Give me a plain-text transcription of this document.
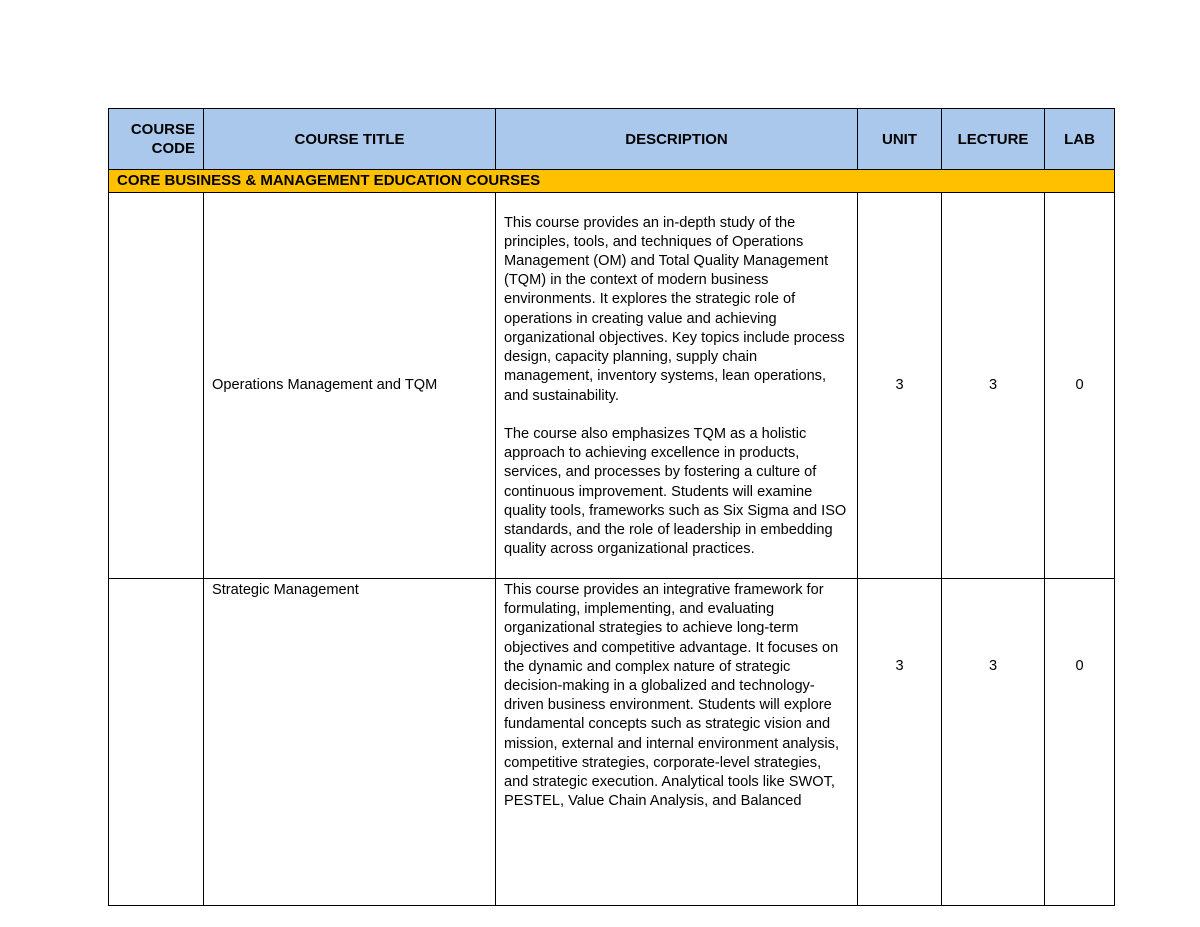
COURSE CODE	COURSE TITLE	DESCRIPTION	UNIT	LECTURE	LAB
CORE BUSINESS & MANAGEMENT EDUCATION COURSES					
	Operations Management and TQM	This course provides an in-depth study of the principles, tools, and techniques of Operations Management (OM) and Total Quality Management (TQM) in the context of modern business environments. It explores the strategic role of operations in creating value and achieving organizational objectives. Key topics include process design, capacity planning, supply chain management, inventory systems, lean operations, and sustainability.

The course also emphasizes TQM as a holistic approach to achieving excellence in products, services, and processes by fostering a culture of continuous improvement. Students will examine quality tools, frameworks such as Six Sigma and ISO standards, and the role of leadership in embedding quality across organizational practices.	3	3	0
	Strategic Management	This course provides an integrative framework for formulating, implementing, and evaluating organizational strategies to achieve long-term objectives and competitive advantage. It focuses on the dynamic and complex nature of strategic decision-making in a globalized and technology-driven business environment. Students will explore fundamental concepts such as strategic vision and mission, external and internal environment analysis, competitive strategies, corporate-level strategies, and strategic execution. Analytical tools like SWOT, PESTEL, Value Chain Analysis, and Balanced	3	3	0
